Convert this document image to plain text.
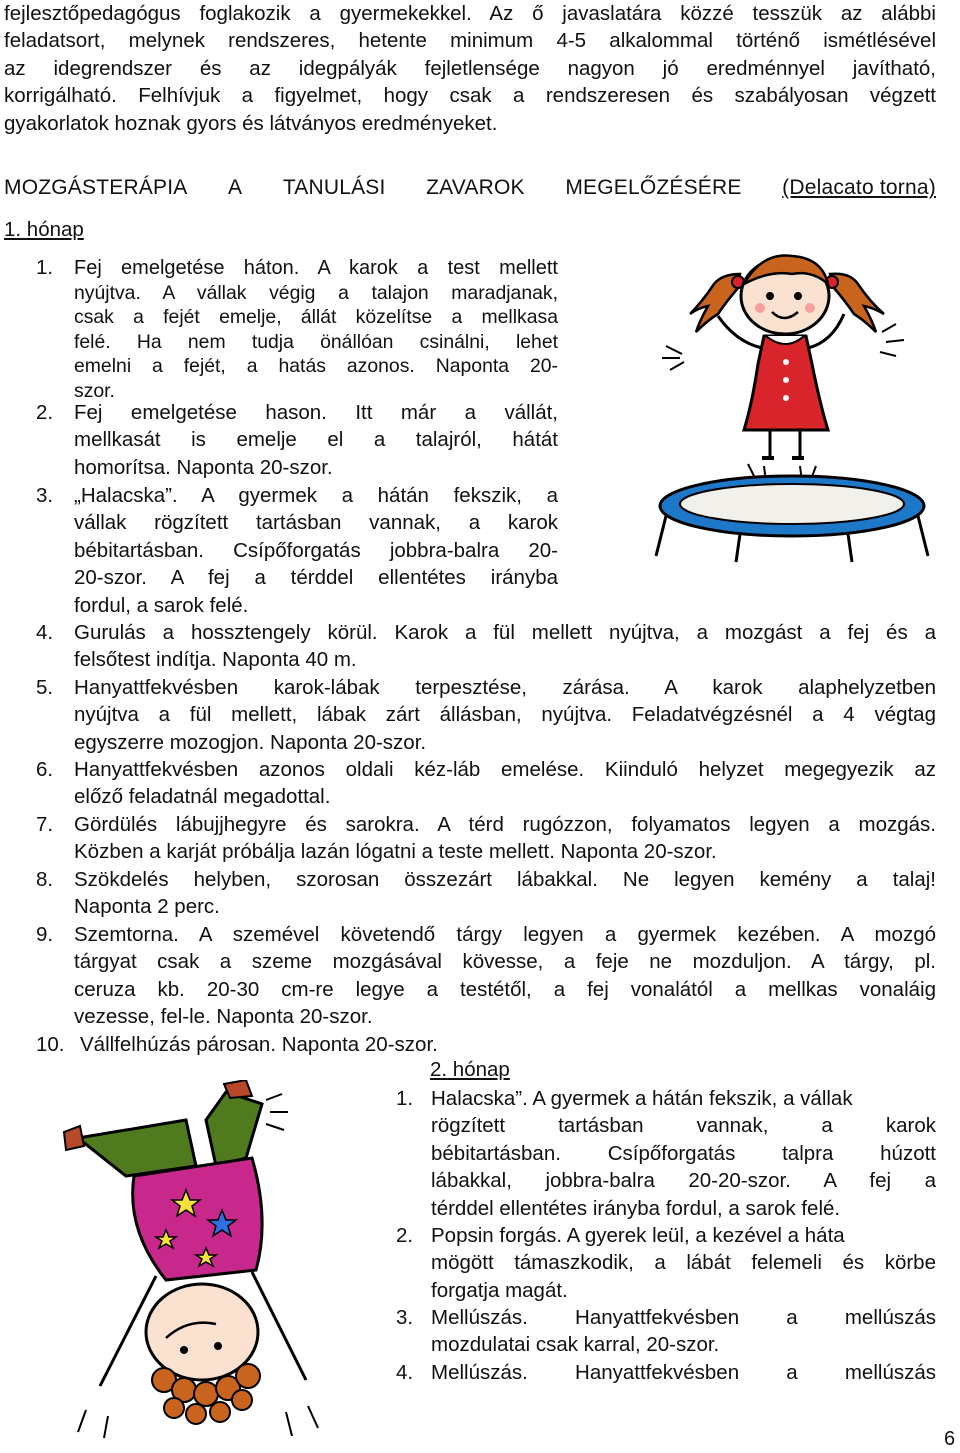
fejlesztőpedagógus foglakozik a gyermekekkel. Az ő javaslatára közzé tesszük az alábbi
feladatsort, melynek rendszeres, hetente minimum 4-5 alkalommal történő ismétlésével
az idegrendszer és az idegpályák fejletlensége nagyon jó eredménnyel javítható,
korrigálható. Felhívjuk a figyelmet, hogy csak a rendszeresen és szabályosan végzett
gyakorlatok hoznak gyors és látványos eredményeket.
MOZGÁSTERÁPIA A TANULÁSI ZAVAROK MEGELŐZÉSÉRE (Delacato torna)
1. hónap
1. Fej emelgetése háton. A karok a test mellett
nyújtva. A vállak végig a talajon maradjanak,
csak a fejét emelje, állát közelítse a mellkasa
felé. Ha nem tudja önállóan csinálni, lehet
emelni a fejét, a hatás azonos. Naponta 20-
szor.
2. Fej emelgetése hason. Itt már a vállát,
mellkasát is emelje el a talajról, hátát
homorítsa. Naponta 20-szor.
3. „Halacska”. A gyermek a hátán fekszik, a
vállak rögzített tartásban vannak, a karok
bébitartásban. Csípőforgatás jobbra-balra 20-
20-szor. A fej a térddel ellentétes irányba
fordul, a sarok felé.
4. Gurulás a hossztengely körül. Karok a fül mellett nyújtva, a mozgást a fej és a
felsőtest indítja. Naponta 40 m.
5. Hanyattfekvésben karok-lábak terpesztése, zárása. A karok alaphelyzetben
nyújtva a fül mellett, lábak zárt állásban, nyújtva. Feladatvégzésnél a 4 végtag
egyszerre mozogjon. Naponta 20-szor.
6. Hanyattfekvésben azonos oldali kéz-láb emelése. Kiinduló helyzet megegyezik az
előző feladatnál megadottal.
7. Gördülés lábujjhegyre és sarokra. A térd rugózzon, folyamatos legyen a mozgás.
Közben a karját próbálja lazán lógatni a teste mellett. Naponta 20-szor.
8. Szökdelés helyben, szorosan összezárt lábakkal. Ne legyen kemény a talaj!
Naponta 2 perc.
9. Szemtorna. A szemével követendő tárgy legyen a gyermek kezében. A mozgó
tárgyat csak a szeme mozgásával kövesse, a feje ne mozduljon. A tárgy, pl.
ceruza kb. 20-30 cm-re legye a testétől, a fej vonalától a mellkas vonaláig
vezesse, fel-le. Naponta 20-szor.
10. Vállfelhúzás párosan. Naponta 20-szor.
2. hónap
1. Halacska”. A gyermek a hátán fekszik, a vállak
rögzített tartásban vannak, a karok
bébitartásban. Csípőforgatás talpra húzott
lábakkal, jobbra-balra 20-20-szor. A fej a
térddel ellentétes irányba fordul, a sarok felé.
2. Popsin forgás. A gyerek leül, a kezével a háta
mögött támaszkodik, a lábát felemeli és körbe
forgatja magát.
3. Mellúszás. Hanyattfekvésben a mellúszás
mozdulatai csak karral, 20-szor.
4. Mellúszás. Hanyattfekvésben a mellúszás
6
